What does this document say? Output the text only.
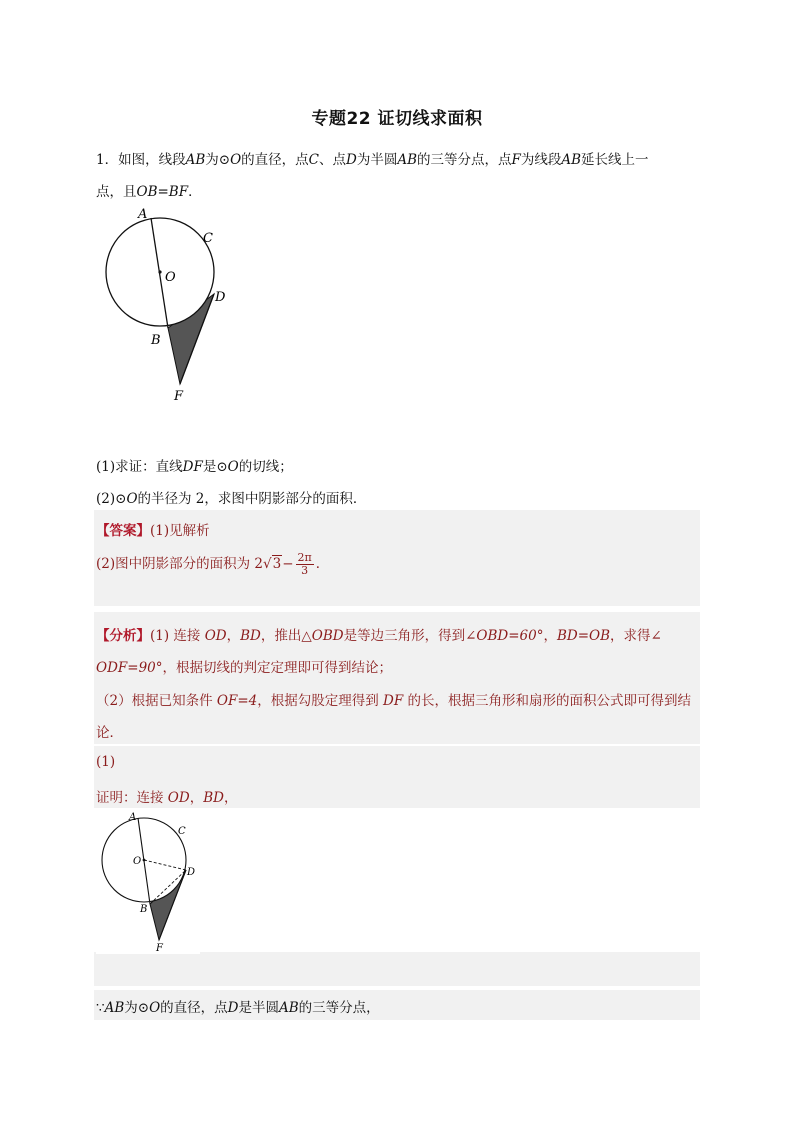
专题22 证切线求面积
1．如图，线段AB为⊙O的直径，点C、点D为半圆AB的三等分点，点F为线段AB延长线上一
点，且OB=BF．
A
C
O
D
B
F
(1)求证：直线DF是⊙O的切线；
(2)⊙O的半径为 2，求图中阴影部分的面积．
【答案】(1)见解析
(2)图中阴影部分的面积为 $2√3- \frac{2\pi}{3}$ ．
【分析】(1) 连接 OD，BD，推出△OBD是等边三角形，得到∠OBD=60°，BD=OB，求得∠
ODF=90°，根据切线的判定定理即可得到结论；
（2）根据已知条件 OF=4，根据勾股定理得到 DF 的长，根据三角形和扇形的面积公式即可得到结
论．
(1)
证明：连接 OD，BD，
A
C
O
D
B
F
∵AB为⊙O的直径，点D是半圆AB的三等分点，
